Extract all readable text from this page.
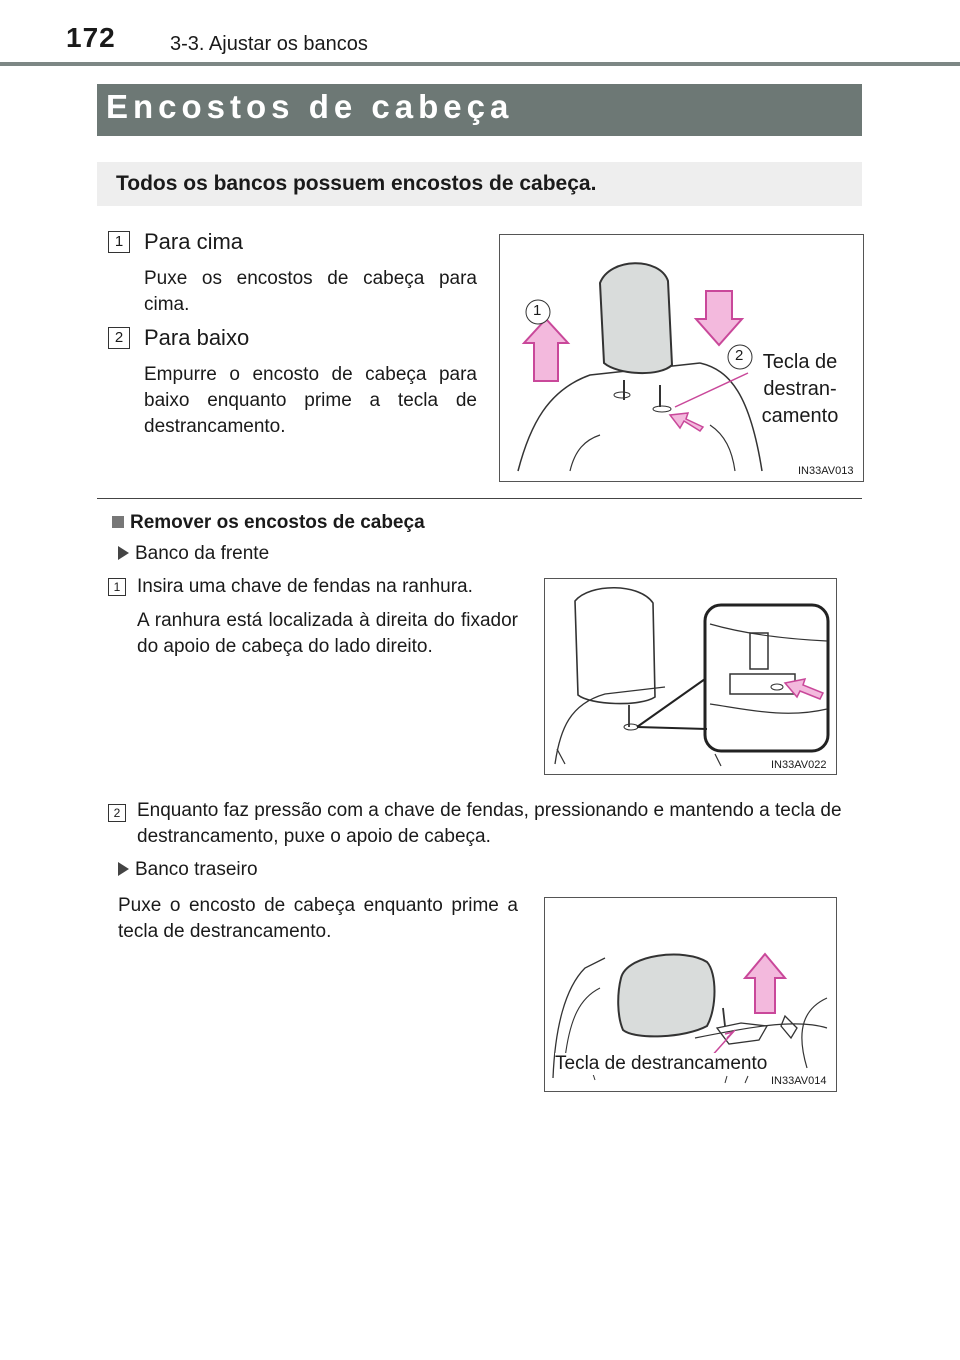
172	3-3. Ajustar os bancos
Encostos de cabeça
Todos os bancos possuem encostos de cabeça.
1 Para cima
Puxe os encostos de cabeça para cima.
2 Para baixo
Empurre o encosto de cabeça para baixo enquanto prime a tecla de destrancamento.
1
2 Tecla de
destran-
camento
IN33AV013
Remover os encostos de cabeça
Banco da frente
1 Insira uma chave de fendas na ranhura.
A ranhura está localizada à direita do fixador do apoio de cabeça do lado direito.
IN33AV022
2 Enquanto faz pressão com a chave de fendas, pressionando e mantendo a tecla de destrancamento, puxe o apoio de cabeça.
Banco traseiro
Puxe o encosto de cabeça enquanto prime a tecla de destrancamento.
Tecla de destrancamento
IN33AV014
